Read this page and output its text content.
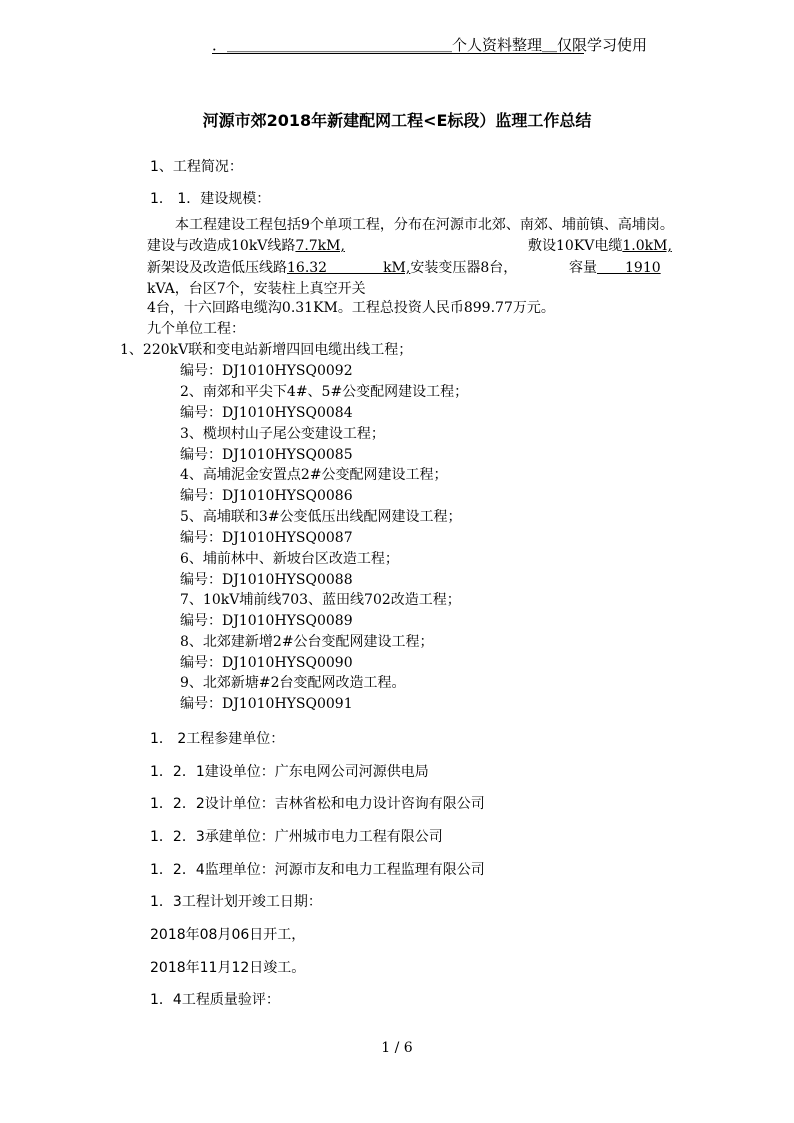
．＿＿＿＿＿＿＿＿＿＿＿＿＿＿＿个人资料整理＿仅限学习使用
河源市郊2018年新建配网工程<E标段）监理工作总结
1、工程简况：
1． 1．建设规模：
本工程建设工程包括9个单项工程，分布在河源市北郊、南郊、埔前镇、高埔岗。
建设与改造成10kV线路7.7kM,	敷设10KV电缆1.0kM,
新架设及改造低压线路16.32　　　　kM,安装变压器8台，	容量　　1910
kVA，台区7个，安装柱上真空开关
4台，十六回路电缆沟0.31KM。工程总投资人民币899.77万元。
九个单位工程：
1、220kV联和变电站新增四回电缆出线工程；
编号：DJ1010HYSQ0092
2、南郊和平尖下4#、5#公变配网建设工程；
编号：DJ1010HYSQ0084
3、榄坝村山子尾公变建设工程；
编号：DJ1010HYSQ0085
4、高埔泥金安置点2#公变配网建设工程；
编号：DJ1010HYSQ0086
5、高埔联和3#公变低压出线配网建设工程；
编号：DJ1010HYSQ0087
6、埔前林中、新坡台区改造工程；
编号：DJ1010HYSQ0088
7、10kV埔前线703、蓝田线702改造工程；
编号：DJ1010HYSQ0089
8、北郊建新增2#公台变配网建设工程；
编号：DJ1010HYSQ0090
9、北郊新塘#2台变配网改造工程。
编号：DJ1010HYSQ0091
1． 2工程参建单位：
1．2．1建设单位：广东电网公司河源供电局
1．2．2设计单位：吉林省松和电力设计咨询有限公司
1．2．3承建单位：广州城市电力工程有限公司
1．2．4监理单位：河源市友和电力工程监理有限公司
1．3工程计划开竣工日期：
2018年08月06日开工，
2018年11月12日竣工。
1．4工程质量验评：
1 / 6
